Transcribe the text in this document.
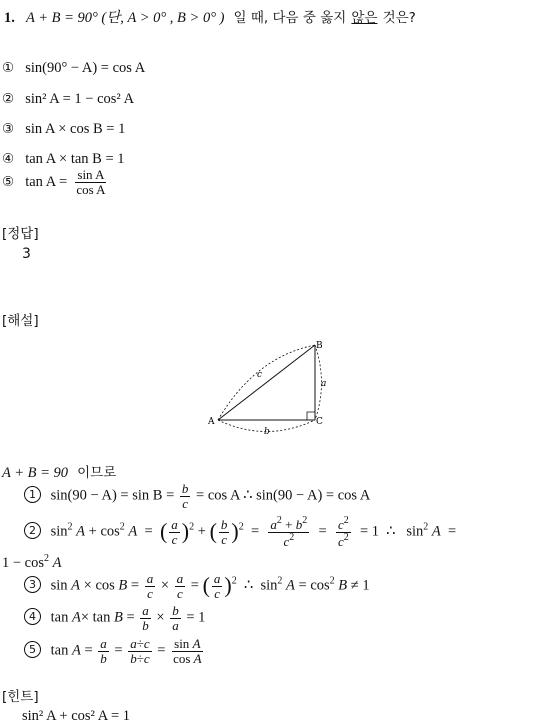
1. A + B = 90° (단, A > 0° , B > 0° ) 일 때, 다음 중 옳지 않은 것은?
① sin(90° − A) = cos A
② sin² A = 1 − cos² A
③ sin A × cos B = 1
④ tan A × tan B = 1
⑤ $\tan A = \frac{\text{sin A}}{\text{cos A}}$
[정답]
3
[해설]
A
B
C
a
b
c
A + B = 90 이므로
1 $\sin(90 - A) = \sin B = \frac{b}{c} = \cos A$ ∴ sin(90 − A) = cos A
2 $\sin^2 A + \cos^2 A$  =  ( $\frac{a}{c} )^2$ + ( $\frac{b}{c} )^2 = \frac{a^2 + b^2}{c^2} = \frac{c^2}{c^2} = 1$  ∴   $\sin^2 A$  =
$1 - \cos^2 A$
3 $\sin A \times \cos B = \frac{a}{c} \times \frac{a}{c}$ = ( $\frac{a}{c} )^2$  ∴  $\sin^2 A = \cos^2 B \ne 1$
4 $\tan A\times \tan B = \frac{a}{b} \times \frac{b}{a} = 1$
5 $\tan A = \frac{a}{b} = \frac{a\div c}{b\div c} = \frac{\text{sin A}}{\text{cos A}}$
[힌트]
sin² A + cos² A = 1
